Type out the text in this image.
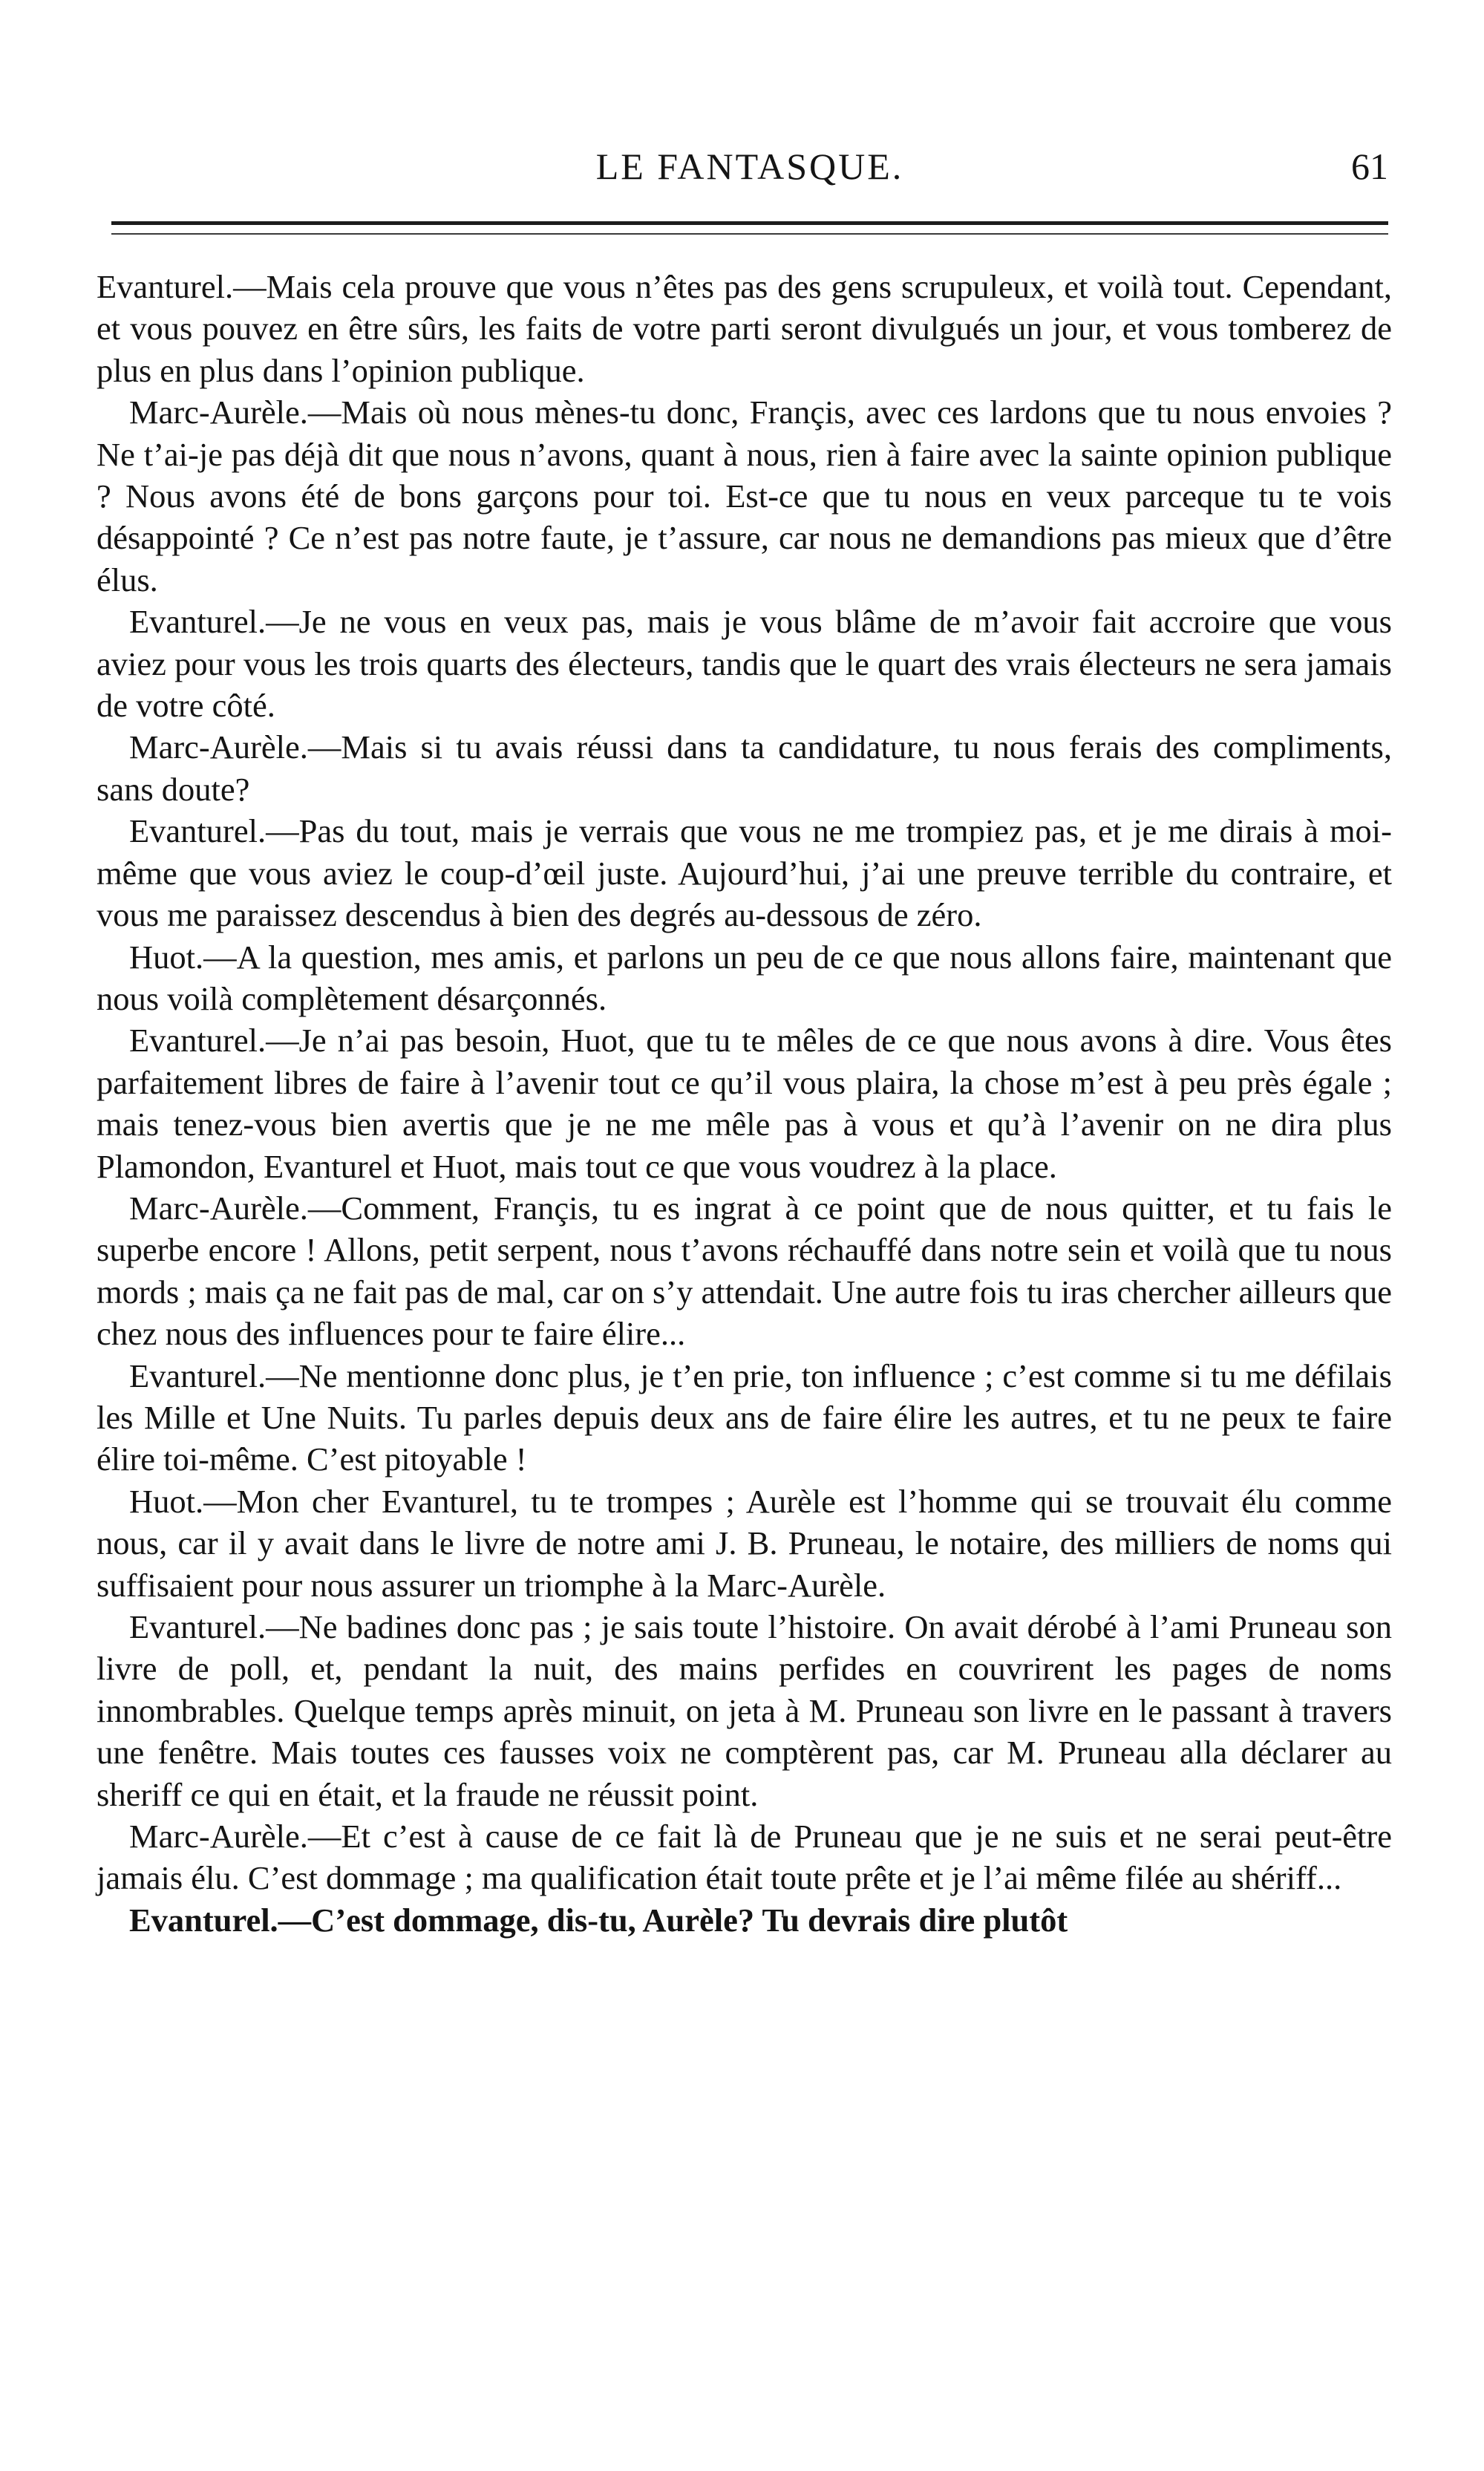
LE FANTASQUE.	61

Evanturel.—Mais cela prouve que vous n’êtes pas des gens scrupuleux, et voilà tout. Cependant, et vous pouvez en être sûrs, les faits de votre parti seront divulgués un jour, et vous tomberez de plus en plus dans l’opinion publique.

Marc-Aurèle.—Mais où nous mènes-tu donc, Françis, avec ces lardons que tu nous envoies ? Ne t’ai-je pas déjà dit que nous n’avons, quant à nous, rien à faire avec la sainte opinion publique ? Nous avons été de bons garçons pour toi. Est-ce que tu nous en veux parceque tu te vois désappointé ? Ce n’est pas notre faute, je t’assure, car nous ne demandions pas mieux que d’être élus.

Evanturel.—Je ne vous en veux pas, mais je vous blâme de m’avoir fait accroire que vous aviez pour vous les trois quarts des électeurs, tandis que le quart des vrais électeurs ne sera jamais de votre côté.

Marc-Aurèle.—Mais si tu avais réussi dans ta candidature, tu nous ferais des compliments, sans doute?

Evanturel.—Pas du tout, mais je verrais que vous ne me trompiez pas, et je me dirais à moi-même que vous aviez le coup-d’œil juste. Aujourd’hui, j’ai une preuve terrible du contraire, et vous me paraissez descendus à bien des degrés au-dessous de zéro.

Huot.—A la question, mes amis, et parlons un peu de ce que nous allons faire, maintenant que nous voilà complètement désarçonnés.

Evanturel.—Je n’ai pas besoin, Huot, que tu te mêles de ce que nous avons à dire. Vous êtes parfaitement libres de faire à l’avenir tout ce qu’il vous plaira, la chose m’est à peu près égale ; mais tenez-vous bien avertis que je ne me mêle pas à vous et qu’à l’avenir on ne dira plus Plamondon, Evanturel et Huot, mais tout ce que vous voudrez à la place.

Marc-Aurèle.—Comment, Françis, tu es ingrat à ce point que de nous quitter, et tu fais le superbe encore ! Allons, petit serpent, nous t’avons réchauffé dans notre sein et voilà que tu nous mords ; mais ça ne fait pas de mal, car on s’y attendait. Une autre fois tu iras chercher ailleurs que chez nous des influences pour te faire élire...

Evanturel.—Ne mentionne donc plus, je t’en prie, ton influence ; c’est comme si tu me défilais les Mille et Une Nuits. Tu parles depuis deux ans de faire élire les autres, et tu ne peux te faire élire toi-même. C’est pitoyable !

Huot.—Mon cher Evanturel, tu te trompes ; Aurèle est l’homme qui se trouvait élu comme nous, car il y avait dans le livre de notre ami J. B. Pruneau, le notaire, des milliers de noms qui suffisaient pour nous assurer un triomphe à la Marc-Aurèle.

Evanturel.—Ne badines donc pas ; je sais toute l’histoire. On avait dérobé à l’ami Pruneau son livre de poll, et, pendant la nuit, des mains perfides en couvrirent les pages de noms innombrables. Quelque temps après minuit, on jeta à M. Pruneau son livre en le passant à travers une fenêtre. Mais toutes ces fausses voix ne comptèrent pas, car M. Pruneau alla déclarer au sheriff ce qui en était, et la fraude ne réussit point.

Marc-Aurèle.—Et c’est à cause de ce fait là de Pruneau que je ne suis et ne serai peut-être jamais élu. C’est dommage ; ma qualification était toute prête et je l’ai même filée au shériff...

Evanturel.—C’est dommage, dis-tu, Aurèle? Tu devrais dire plutôt
